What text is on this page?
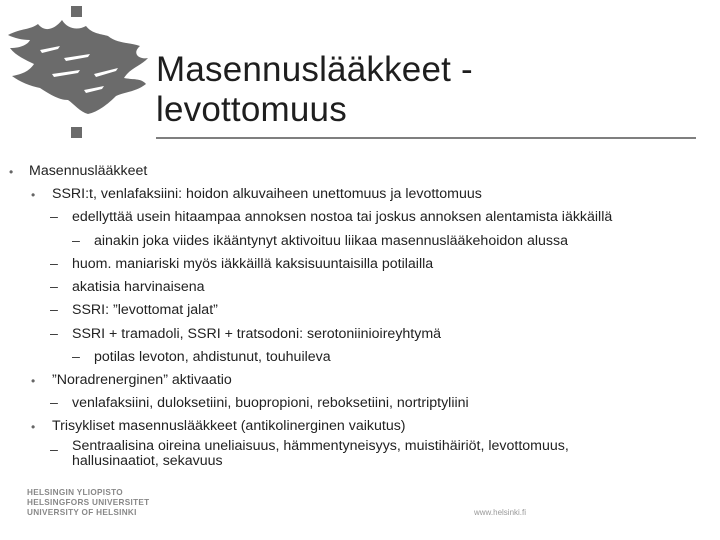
Masennuslääkkeet -
levottomuus
• Masennuslääkkeet
• SSRI:t, venlafaksiini: hoidon alkuvaiheen unettomuus ja levottomuus
– edellyttää usein hitaampaa annoksen nostoa tai joskus annoksen alentamista iäkkäillä
– ainakin joka viides ikääntynyt aktivoituu liikaa masennuslääkehoidon alussa
– huom. maniariski myös iäkkäillä kaksisuuntaisilla potilailla
– akatisia harvinaisena
– SSRI: ”levottomat jalat”
– SSRI + tramadoli, SSRI + tratsodoni: serotoniinioireyhtymä
– potilas levoton, ahdistunut, touhuileva
• ”Noradrenerginen” aktivaatio
– venlafaksiini, duloksetiini, buopropioni, reboksetiini, nortriptyliini
• Trisykliset masennuslääkkeet (antikolinerginen vaikutus)
– Sentraalisina oireina uneliaisuus, hämmentyneisyys, muistihäiriöt, levottomuus,
hallusinaatiot, sekavuus
HELSINGIN YLIOPISTO
HELSINGFORS UNIVERSITET
UNIVERSITY OF HELSINKI	www.helsinki.fi
